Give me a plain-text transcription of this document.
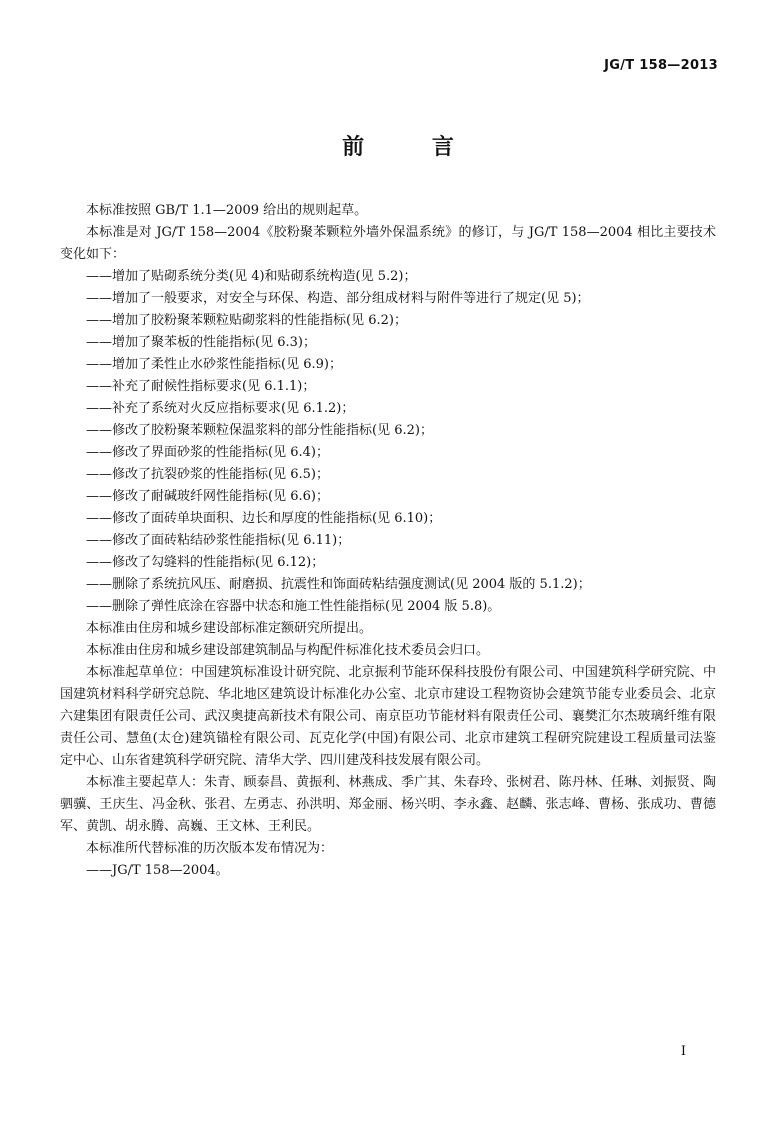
JG/T 158—2013
前 言

本标准按照 GB/T 1.1—2009 给出的规则起草。

本标准是对 JG/T 158—2004《胶粉聚苯颗粒外墙外保温系统》的修订，与 JG/T 158—2004 相比主要技术变化如下：

——增加了贴砌系统分类(见 4)和贴砌系统构造(见 5.2)；
——增加了一般要求，对安全与环保、构造、部分组成材料与附件等进行了规定(见 5)；
——增加了胶粉聚苯颗粒贴砌浆料的性能指标(见 6.2)；
——增加了聚苯板的性能指标(见 6.3)；
——增加了柔性止水砂浆性能指标(见 6.9)；
——补充了耐候性指标要求(见 6.1.1)；
——补充了系统对火反应指标要求(见 6.1.2)；
——修改了胶粉聚苯颗粒保温浆料的部分性能指标(见 6.2)；
——修改了界面砂浆的性能指标(见 6.4)；
——修改了抗裂砂浆的性能指标(见 6.5)；
——修改了耐碱玻纤网性能指标(见 6.6)；
——修改了面砖单块面积、边长和厚度的性能指标(见 6.10)；
——修改了面砖粘结砂浆性能指标(见 6.11)；
——修改了勾缝料的性能指标(见 6.12)；
——删除了系统抗风压、耐磨损、抗震性和饰面砖粘结强度测试(见 2004 版的 5.1.2)；
——删除了弹性底涂在容器中状态和施工性性能指标(见 2004 版 5.8)。

本标准由住房和城乡建设部标准定额研究所提出。

本标准由住房和城乡建设部建筑制品与构配件标准化技术委员会归口。

本标准起草单位：中国建筑标准设计研究院、北京振利节能环保科技股份有限公司、中国建筑科学研究院、中国建筑材料科学研究总院、华北地区建筑设计标准化办公室、北京市建设工程物资协会建筑节能专业委员会、北京六建集团有限责任公司、武汉奥捷高新技术有限公司、南京臣功节能材料有限责任公司、襄樊汇尔杰玻璃纤维有限责任公司、慧鱼(太仓)建筑锚栓有限公司、瓦克化学(中国)有限公司、北京市建筑工程研究院建设工程质量司法鉴定中心、山东省建筑科学研究院、清华大学、四川建茂科技发展有限公司。

本标准主要起草人：朱青、顾泰昌、黄振利、林燕成、季广其、朱春玲、张树君、陈丹林、任琳、刘振贤、陶驷骥、王庆生、冯金秋、张君、左勇志、孙洪明、郑金丽、杨兴明、李永鑫、赵麟、张志峰、曹杨、张成功、曹德军、黄凯、胡永腾、高巍、王文林、王利民。

本标准所代替标准的历次版本发布情况为：

——JG/T 158—2004。
I
